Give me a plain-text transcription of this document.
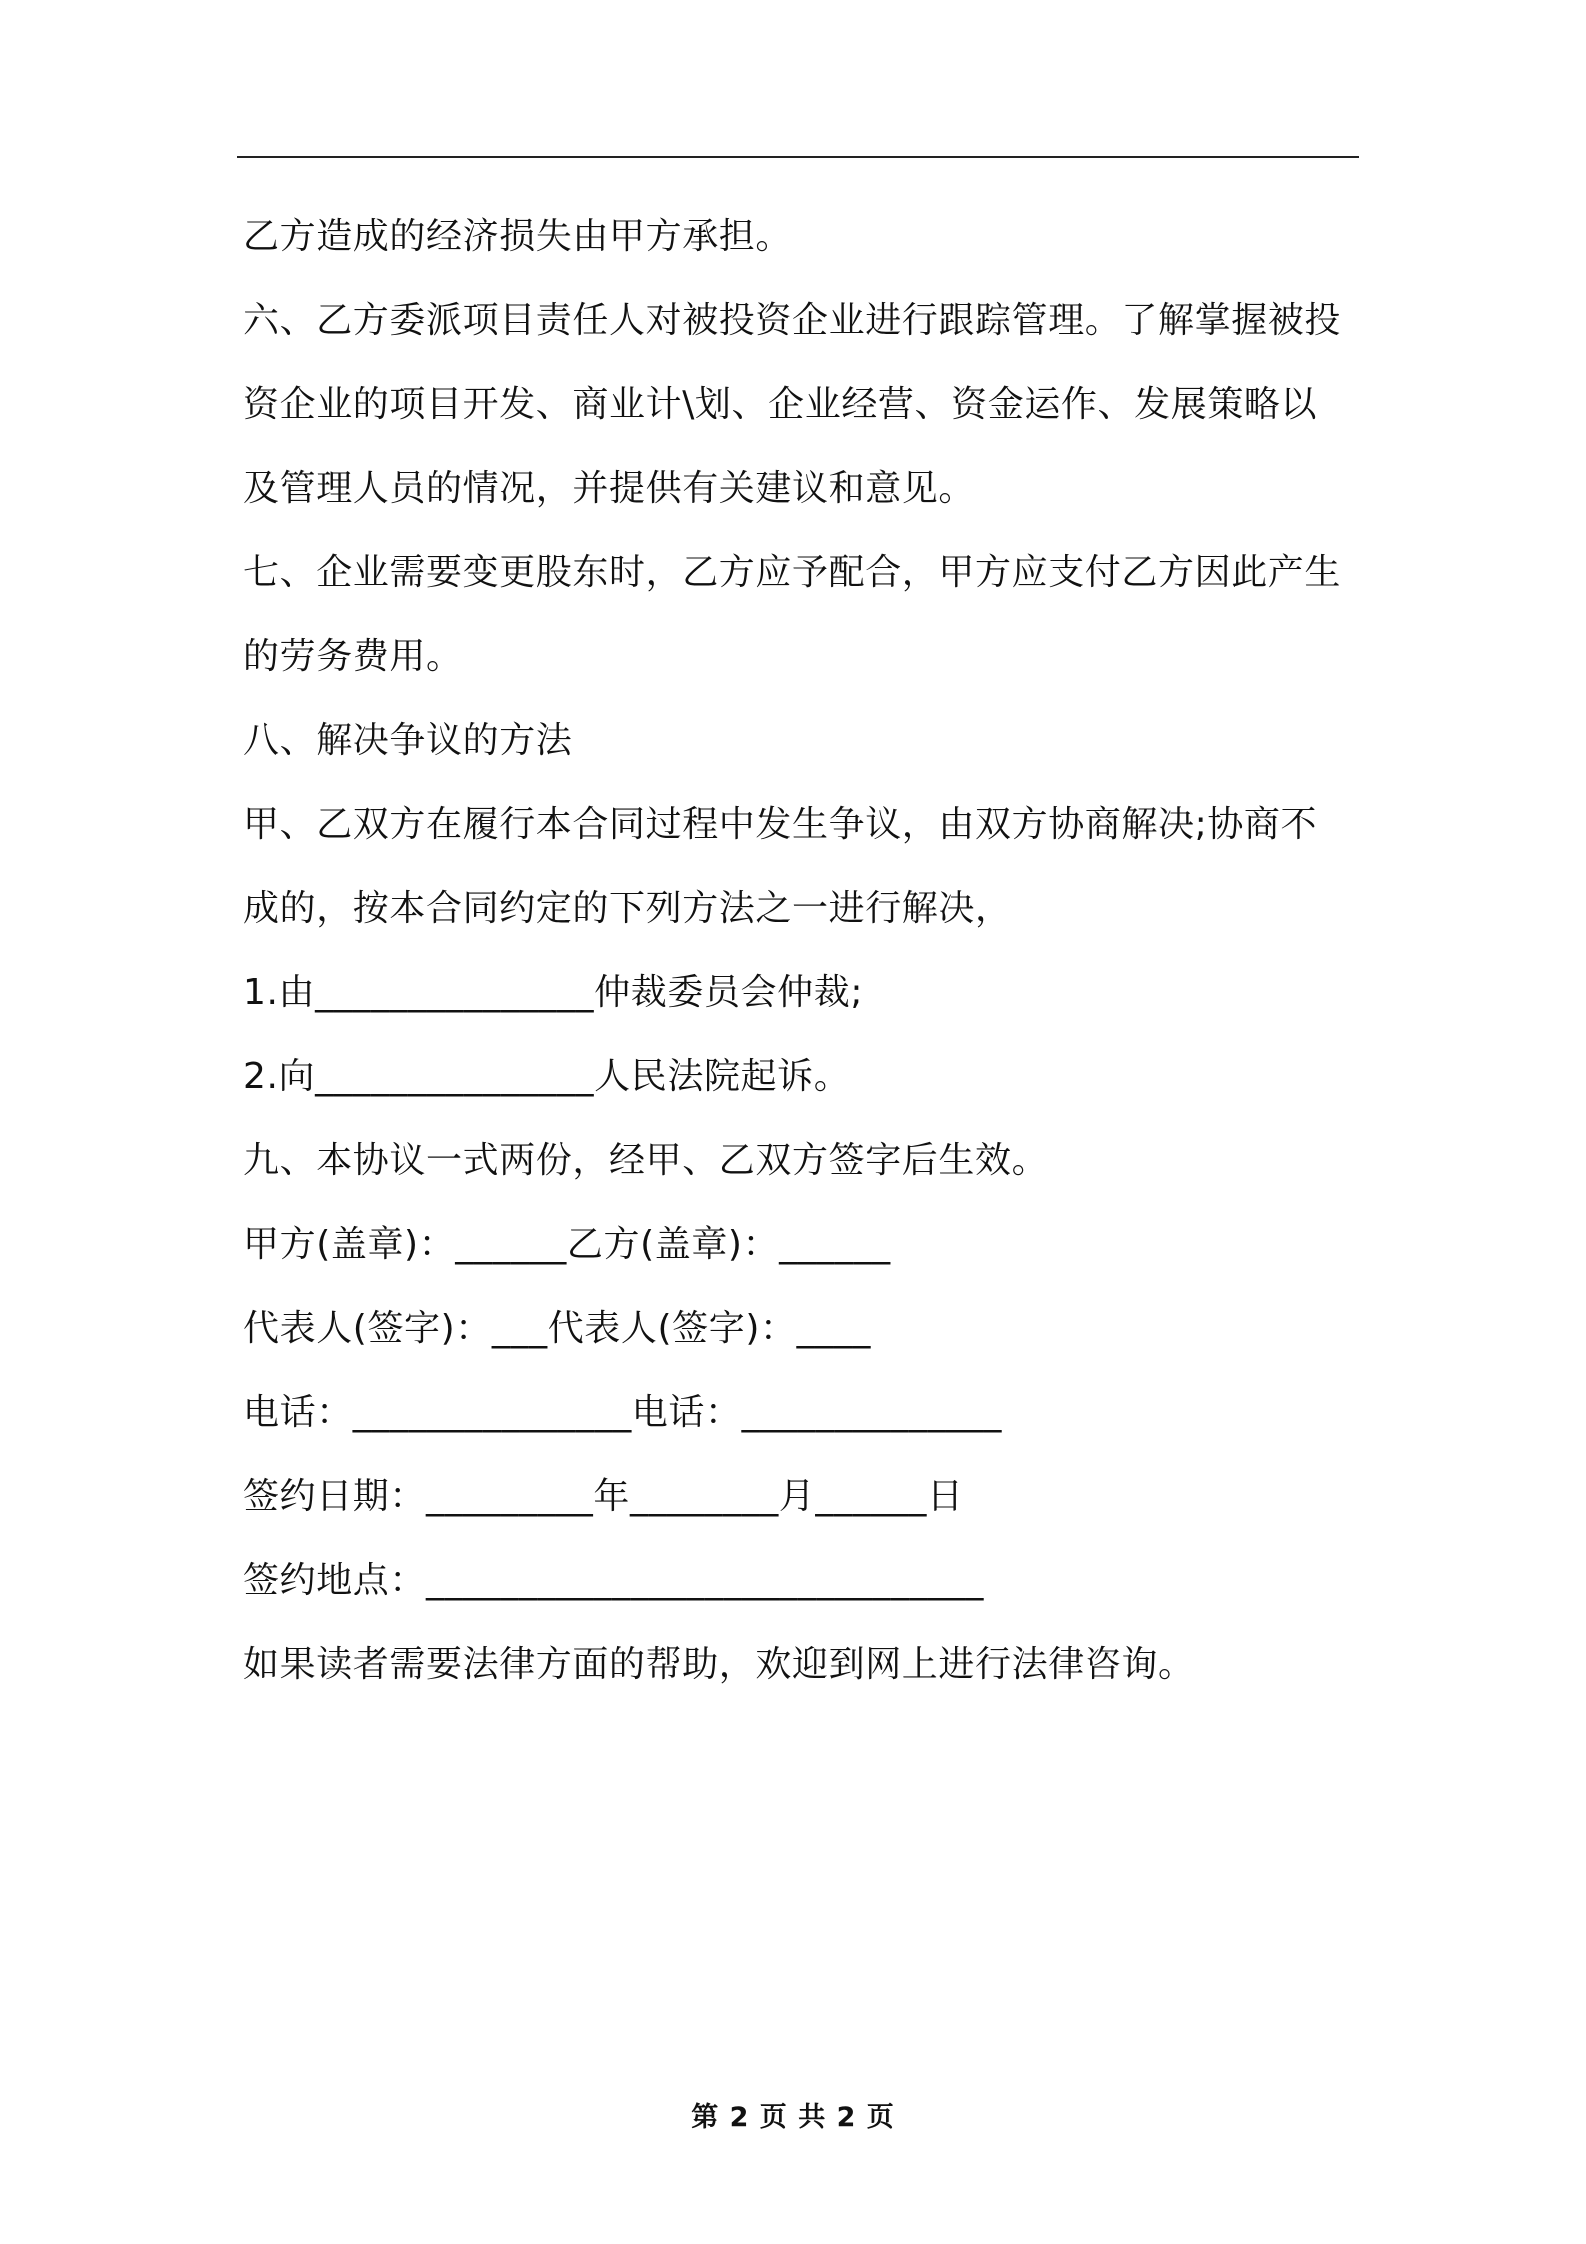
乙方造成的经济损失由甲方承担。
六、乙方委派项目责任人对被投资企业进行跟踪管理。了解掌握被投
资企业的项目开发、商业计\划、企业经营、资金运作、发展策略以
及管理人员的情况，并提供有关建议和意见。
七、企业需要变更股东时，乙方应予配合，甲方应支付乙方因此产生
的劳务费用。
八、解决争议的方法
甲、乙双方在履行本合同过程中发生争议，由双方协商解决;协商不
成的，按本合同约定的下列方法之一进行解决，
1.由_______________仲裁委员会仲裁;
2.向_______________人民法院起诉。
九、本协议一式两份，经甲、乙双方签字后生效。
甲方(盖章)：______乙方(盖章)：______
代表人(签字)：___代表人(签字)：____
电话：_______________电话：______________
签约日期：_________年________月______日
签约地点：______________________________
如果读者需要法律方面的帮助，欢迎到网上进行法律咨询。
第 2 页 共 2 页
